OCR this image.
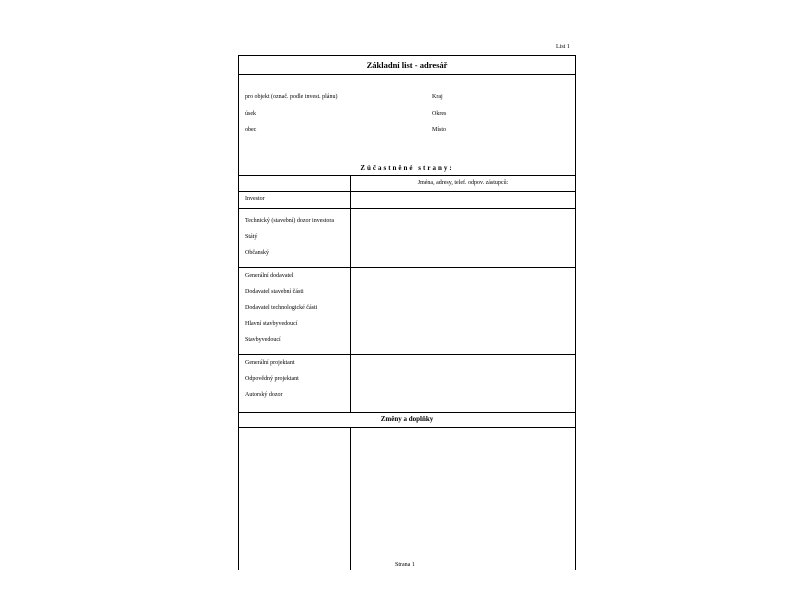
List 1
Základní list - adresář
pro objekt (označ. podle invest. plánu)
úsek
obec
Kraj
Okres
Místo
Zúčastněné strany:
Jména, adresy, telef. odpov. zástupců:
Investor
Technický (stavební) dozor investora
Státý
Občanský
Generální dodavatel
Dodavatel stavební části
Dodavatel technologické části
Hlavní stavbyvedoucí
Stavbyvedoucí
Generální projektant
Odpovědný projektant
Autorský dozor
Změny a doplňky
Strana 1
